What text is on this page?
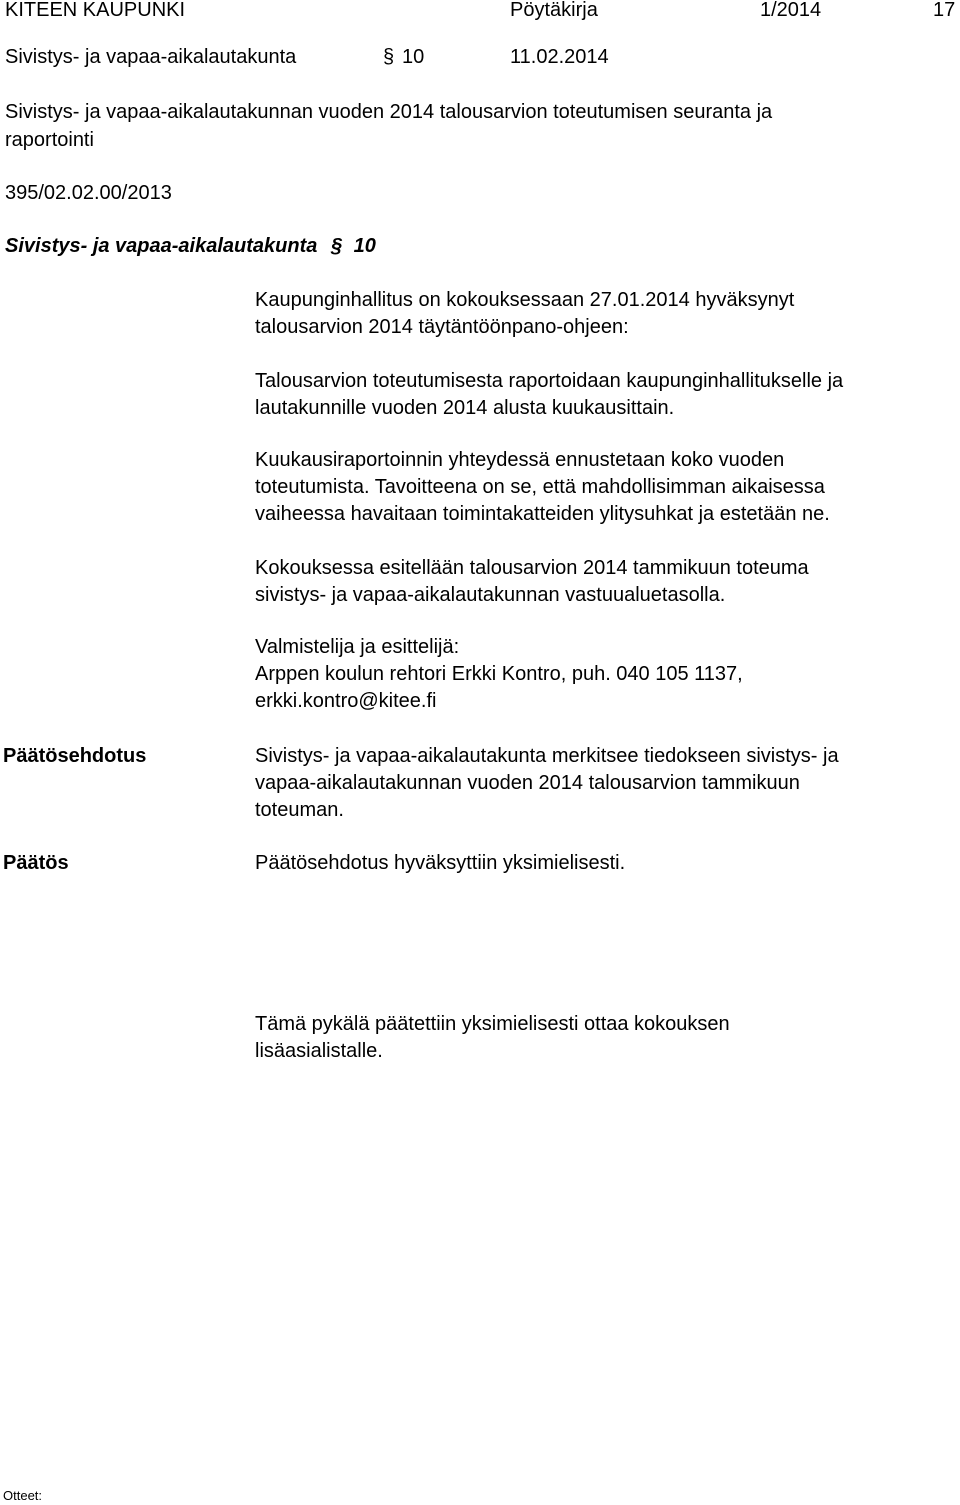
KITEEN KAUPUNKI	Pöytäkirja	1/2014	17
Sivistys- ja vapaa-aikalautakunta	§ 10	11.02.2014
Sivistys- ja vapaa-aikalautakunnan vuoden 2014 talousarvion toteutumisen seuranta ja
raportointi
395/02.02.00/2013
Sivistys- ja vapaa-aikalautakunta § 10
Kaupunginhallitus on kokouksessaan 27.01.2014 hyväksynyt
talousarvion 2014 täytäntöönpano-ohjeen:
Talousarvion toteutumisesta raportoidaan kaupunginhallitukselle ja
lautakunnille vuoden 2014 alusta kuukausittain.
Kuukausiraportoinnin yhteydessä ennustetaan koko vuoden
toteutumista. Tavoitteena on se, että mahdollisimman aikaisessa
vaiheessa havaitaan toimintakatteiden ylitysuhkat ja estetään ne.
Kokouksessa esitellään talousarvion 2014 tammikuun toteuma
sivistys- ja vapaa-aikalautakunnan vastuualuetasolla.
Valmistelija ja esittelijä:
Arppen koulun rehtori Erkki Kontro, puh. 040 105 1137,
erkki.kontro@kitee.fi
Päätösehdotus	Sivistys- ja vapaa-aikalautakunta merkitsee tiedokseen sivistys- ja
vapaa-aikalautakunnan vuoden 2014 talousarvion tammikuun
toteuman.
Päätös	Päätösehdotus hyväksyttiin yksimielisesti.
Tämä pykälä päätettiin yksimielisesti ottaa kokouksen
lisäasialistalle.
Otteet:
